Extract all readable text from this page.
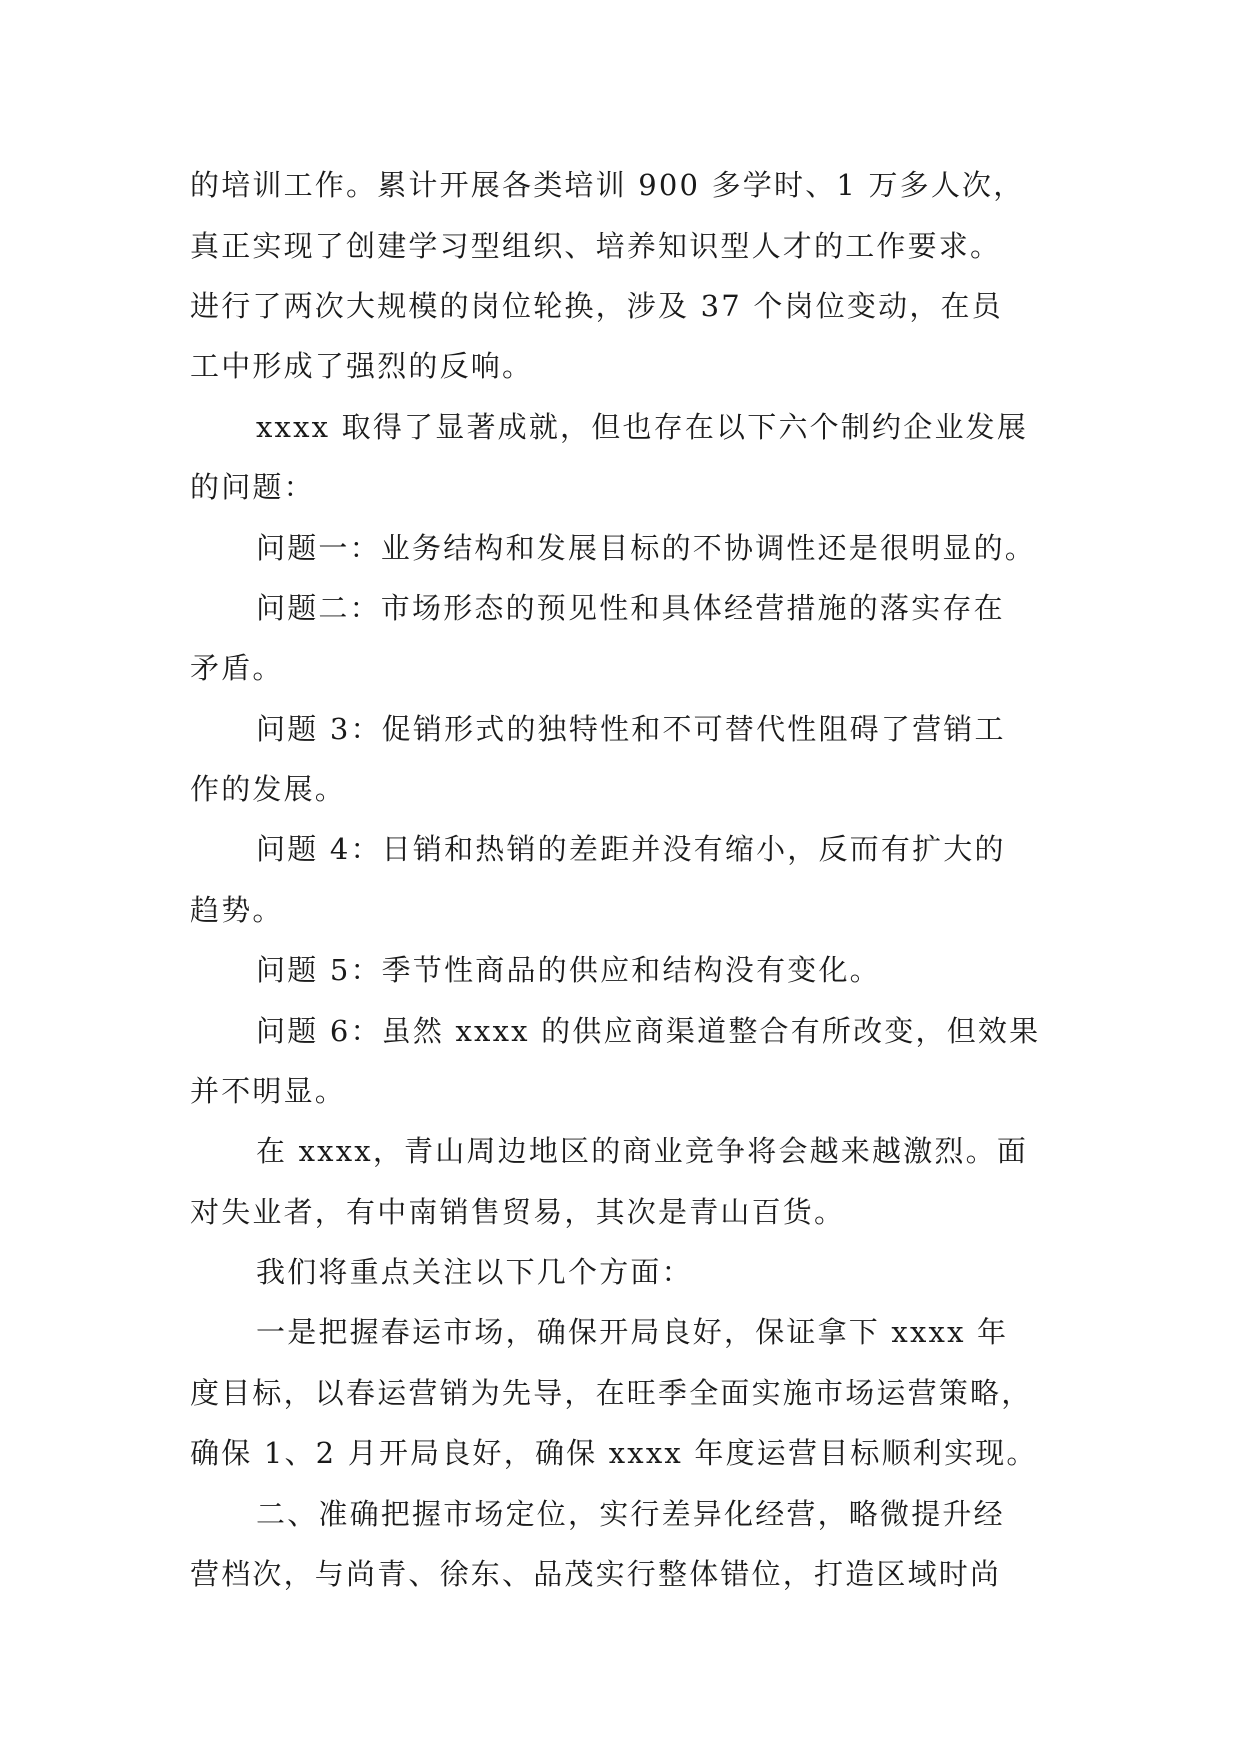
的培训工作。累计开展各类培训 900 多学时、1 万多人次，

真正实现了创建学习型组织、培养知识型人才的工作要求。

进行了两次大规模的岗位轮换，涉及 37 个岗位变动，在员

工中形成了强烈的反响。

xxxx 取得了显著成就，但也存在以下六个制约企业发展

的问题：

问题一：业务结构和发展目标的不协调性还是很明显的。

问题二：市场形态的预见性和具体经营措施的落实存在

矛盾。

问题 3：促销形式的独特性和不可替代性阻碍了营销工

作的发展。

问题 4：日销和热销的差距并没有缩小，反而有扩大的

趋势。

问题 5：季节性商品的供应和结构没有变化。

问题 6：虽然 xxxx 的供应商渠道整合有所改变，但效果

并不明显。

在 xxxx，青山周边地区的商业竞争将会越来越激烈。面

对失业者，有中南销售贸易，其次是青山百货。

我们将重点关注以下几个方面：

一是把握春运市场，确保开局良好，保证拿下 xxxx 年

度目标，以春运营销为先导，在旺季全面实施市场运营策略，

确保 1、2 月开局良好，确保 xxxx 年度运营目标顺利实现。

二、准确把握市场定位，实行差异化经营，略微提升经

营档次，与尚青、徐东、品茂实行整体错位，打造区域时尚
